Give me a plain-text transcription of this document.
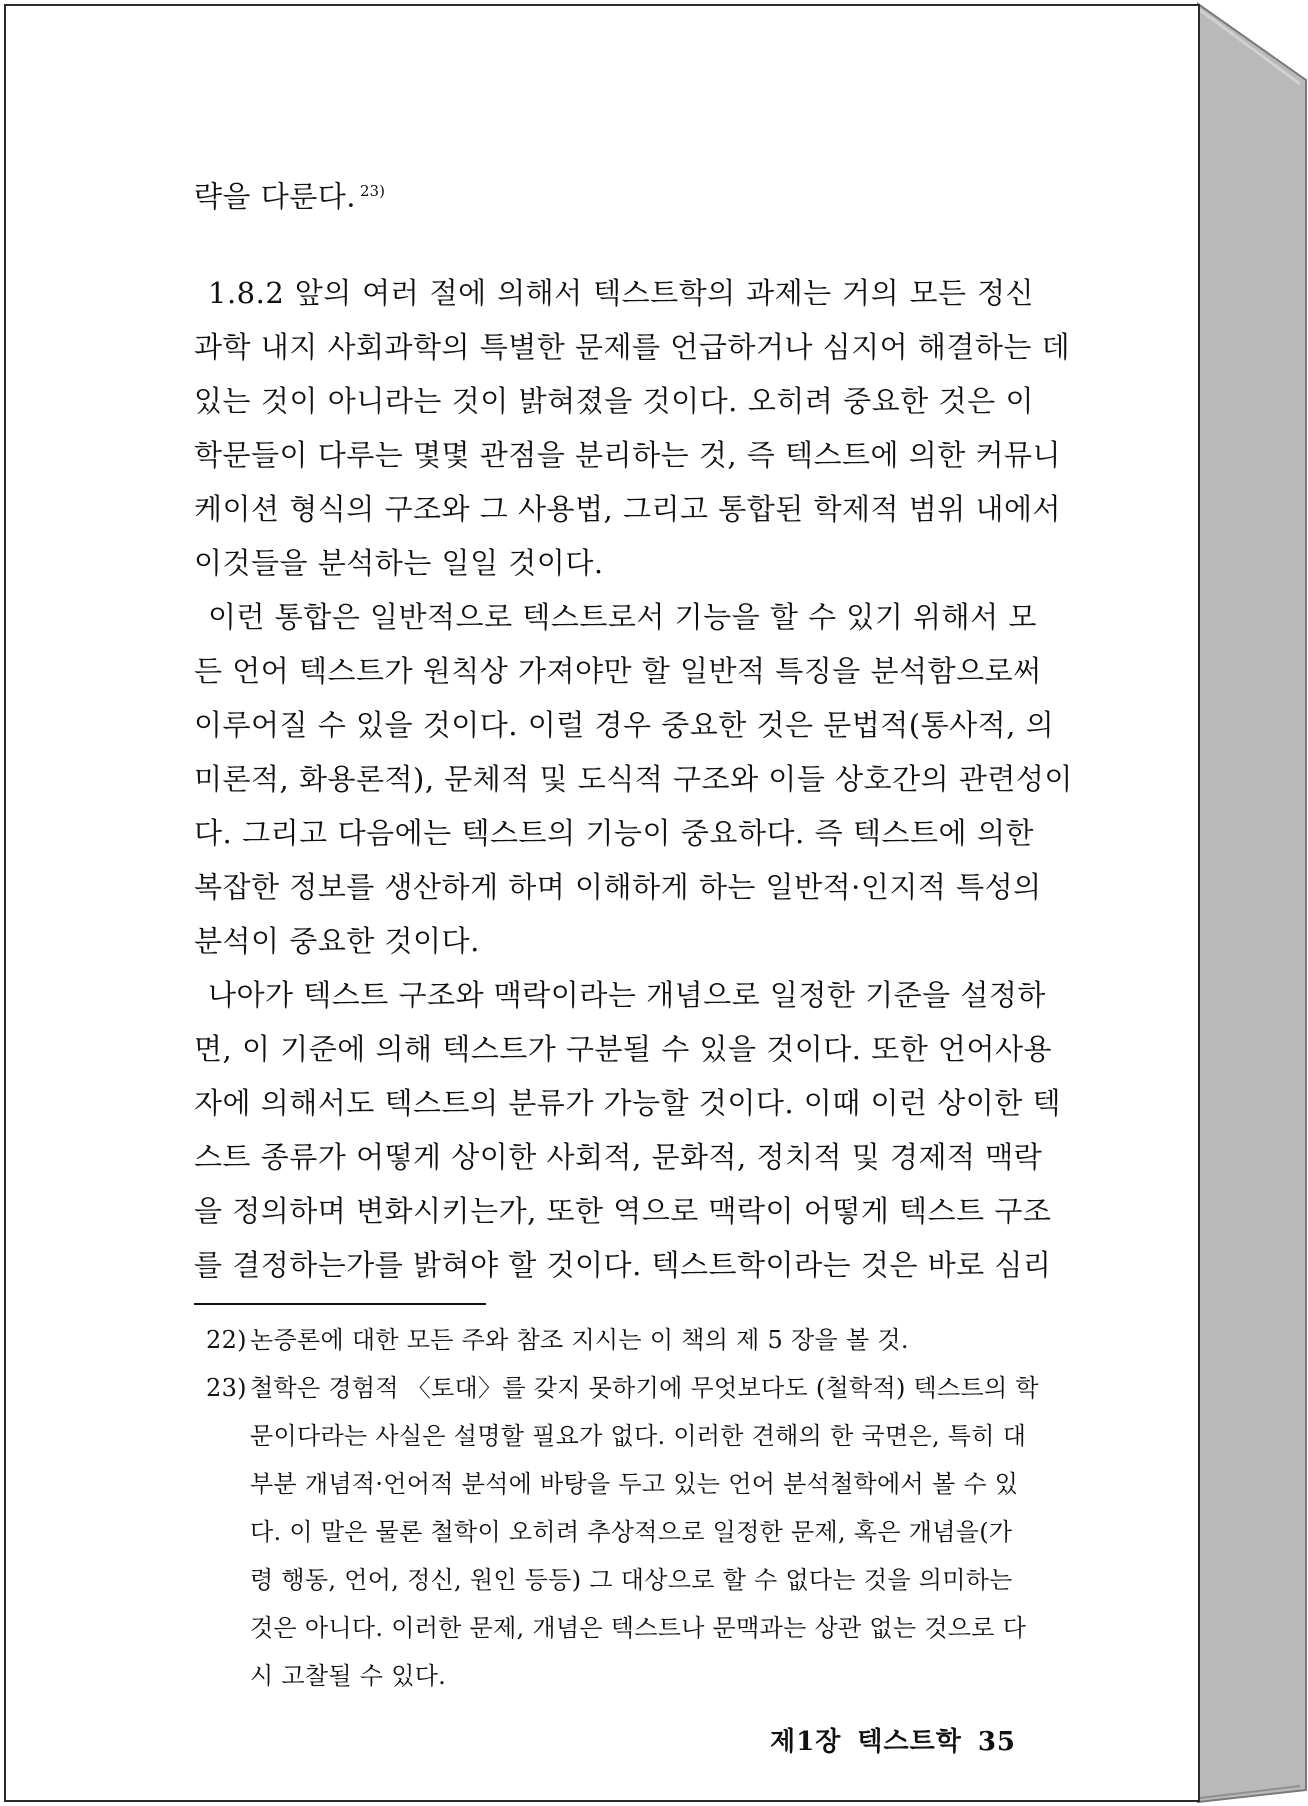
략을 다룬다. $^{23)}$
1.8.2 앞의 여러 절에 의해서 텍스트학의 과제는 거의 모든 정신
과학 내지 사회과학의 특별한 문제를 언급하거나 심지어 해결하는 데
있는 것이 아니라는 것이 밝혀졌을 것이다. 오히려 중요한 것은 이
학문들이 다루는 몇몇 관점을 분리하는 것, 즉 텍스트에 의한 커뮤니
케이션 형식의 구조와 그 사용법, 그리고 통합된 학제적 범위 내에서
이것들을 분석하는 일일 것이다.
이런 통합은 일반적으로 텍스트로서 기능을 할 수 있기 위해서 모
든 언어 텍스트가 원칙상 가져야만 할 일반적 특징을 분석함으로써
이루어질 수 있을 것이다. 이럴 경우 중요한 것은 문법적(통사적, 의
미론적, 화용론적), 문체적 및 도식적 구조와 이들 상호간의 관련성이
다. 그리고 다음에는 텍스트의 기능이 중요하다. 즉 텍스트에 의한
복잡한 정보를 생산하게 하며 이해하게 하는 일반적·인지적 특성의
분석이 중요한 것이다.
나아가 텍스트 구조와 맥락이라는 개념으로 일정한 기준을 설정하
면, 이 기준에 의해 텍스트가 구분될 수 있을 것이다. 또한 언어사용
자에 의해서도 텍스트의 분류가 가능할 것이다. 이때 이런 상이한 텍
스트 종류가 어떻게 상이한 사회적, 문화적, 정치적 및 경제적 맥락
을 정의하며 변화시키는가, 또한 역으로 맥락이 어떻게 텍스트 구조
를 결정하는가를 밝혀야 할 것이다. 텍스트학이라는 것은 바로 심리
22) 논증론에 대한 모든 주와 참조 지시는 이 책의 제 5 장을 볼 것.
23) 철학은 경험적 〈토대〉를 갖지 못하기에 무엇보다도 (철학적) 텍스트의 학
문이다라는 사실은 설명할 필요가 없다. 이러한 견해의 한 국면은, 특히 대
부분 개념적·언어적 분석에 바탕을 두고 있는 언어 분석철학에서 볼 수 있
다. 이 말은 물론 철학이 오히려 추상적으로 일정한 문제, 혹은 개념을(가
령 행동, 언어, 정신, 원인 등등) 그 대상으로 할 수 없다는 것을 의미하는
것은 아니다. 이러한 문제, 개념은 텍스트나 문맥과는 상관 없는 것으로 다
시 고찰될 수 있다.
제1장 텍스트학 35
